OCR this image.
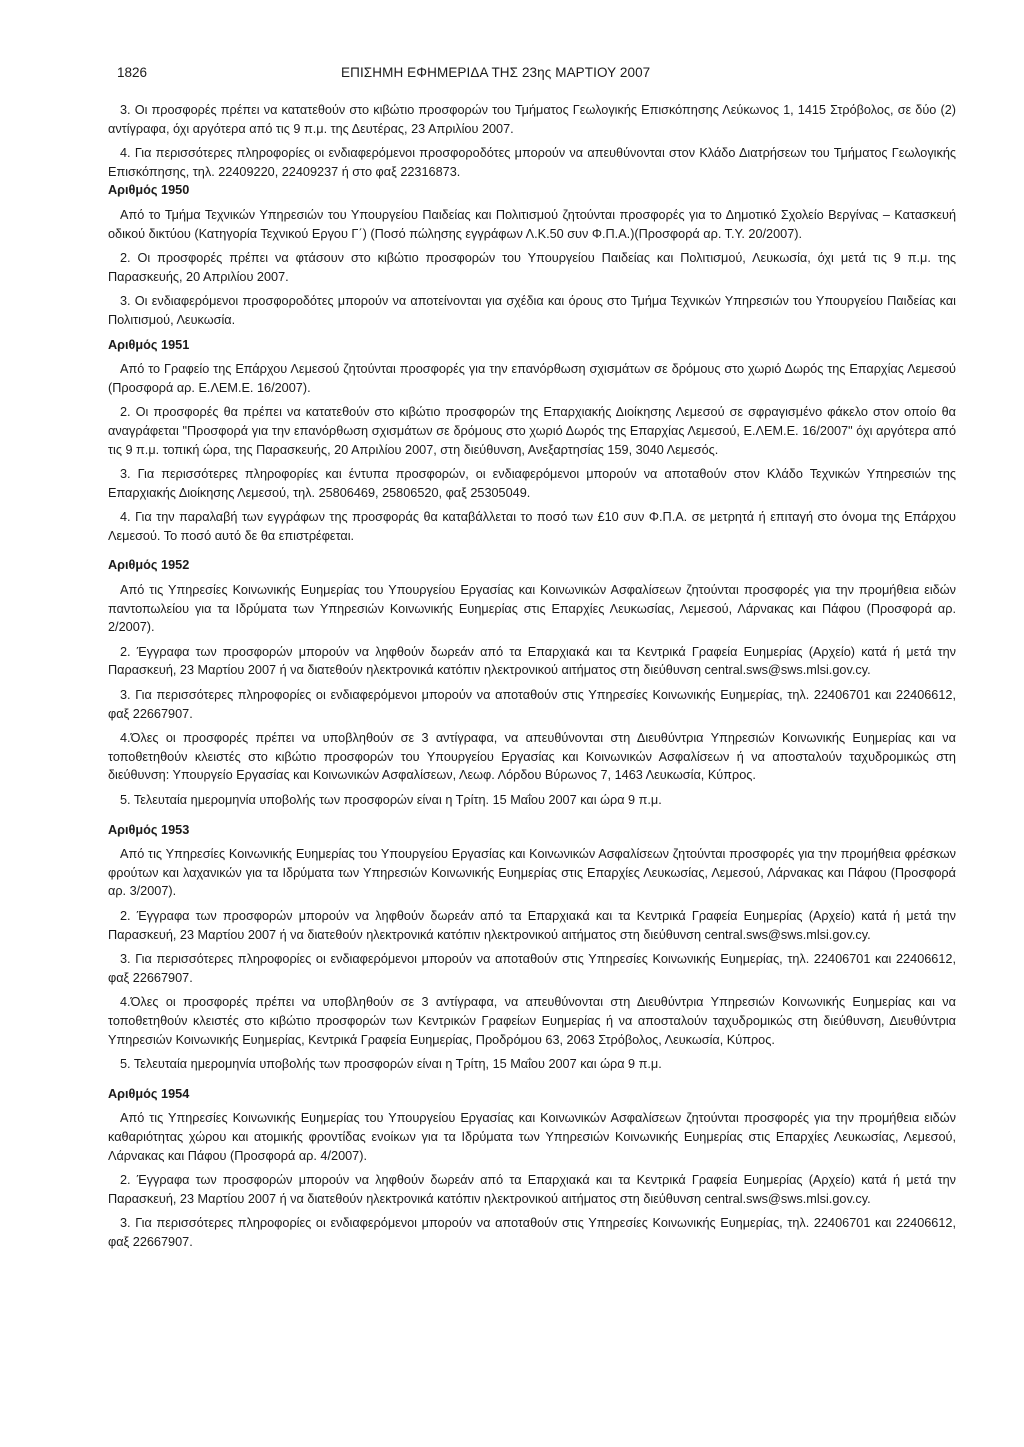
1826	ΕΠΙΣΗΜΗ ΕΦΗΜΕΡΙΔΑ ΤΗΣ 23ης ΜΑΡΤΙΟΥ 2007

3. Οι προσφορές πρέπει να κατατεθούν στο κιβώτιο προσφορών του Τμήματος Γεωλογικής Επισκόπησης Λεύκωνος 1, 1415 Στρόβολος, σε δύο (2) αντίγραφα, όχι αργότερα από τις 9 π.μ. της Δευτέρας, 23 Απριλίου 2007.

4. Για περισσότερες πληροφορίες οι ενδιαφερόμενοι προσφοροδότες μπορούν να απευθύνονται στον Κλάδο Διατρήσεων του Τμήματος Γεωλογικής Επισκόπησης, τηλ. 22409220, 22409237 ή στο φαξ 22316873.

Αριθμός 1950

Από το Τμήμα Τεχνικών Υπηρεσιών του Υπουργείου Παιδείας και Πολιτισμού ζητούνται προσφορές για το Δημοτικό Σχολείο Βεργίνας – Κατασκευή οδικού δικτύου (Κατηγορία Τεχνικού Εργου Γ΄) (Ποσό πώλησης εγγράφων Λ.Κ.50 συν Φ.Π.Α.)(Προσφορά αρ. Τ.Υ. 20/2007).

2. Οι προσφορές πρέπει να φτάσουν στο κιβώτιο προσφορών του Υπουργείου Παιδείας και Πολιτισμού, Λευκωσία, όχι μετά τις 9 π.μ. της Παρασκευής, 20 Απριλίου 2007.

3. Οι ενδιαφερόμενοι προσφοροδότες μπορούν να αποτείνονται για σχέδια και όρους στο Τμήμα Τεχνικών Υπηρεσιών του Υπουργείου Παιδείας και Πολιτισμού, Λευκωσία.

Αριθμός 1951

Από το Γραφείο της Επάρχου Λεμεσού ζητούνται προσφορές για την επανόρθωση σχισμάτων σε δρόμους στο χωριό Δωρός της Επαρχίας Λεμεσού (Προσφορά αρ. Ε.ΛΕΜ.Ε. 16/2007).

2. Οι προσφορές θα πρέπει να κατατεθούν στο κιβώτιο προσφορών της Επαρχιακής Διοίκησης Λεμεσού σε σφραγισμένο φάκελο στον οποίο θα αναγράφεται "Προσφορά για την επανόρθωση σχισμάτων σε δρόμους στο χωριό Δωρός της Επαρχίας Λεμεσού, Ε.ΛΕΜ.Ε. 16/2007" όχι αργότερα από τις 9 π.μ. τοπική ώρα, της Παρασκευής, 20 Απριλίου 2007, στη διεύθυνση, Ανεξαρτησίας 159, 3040 Λεμεσός.

3. Για περισσότερες πληροφορίες και έντυπα προσφορών, οι ενδιαφερόμενοι μπορούν να αποταθούν στον Κλάδο Τεχνικών Υπηρεσιών της Επαρχιακής Διοίκησης Λεμεσού, τηλ. 25806469, 25806520, φαξ 25305049.

4. Για την παραλαβή των εγγράφων της προσφοράς θα καταβάλλεται το ποσό των £10 συν Φ.Π.Α. σε μετρητά ή επιταγή στο όνομα της Επάρχου Λεμεσού. Το ποσό αυτό δε θα επιστρέφεται.

Αριθμός 1952

Από τις Υπηρεσίες Κοινωνικής Ευημερίας του Υπουργείου Εργασίας και Κοινωνικών Ασφαλίσεων ζητούνται προσφορές για την προμήθεια ειδών παντοπωλείου για τα Ιδρύματα των Υπηρεσιών Κοινωνικής Ευημερίας στις Επαρχίες Λευκωσίας, Λεμεσού, Λάρνακας και Πάφου (Προσφορά αρ. 2/2007).

2. Έγγραφα των προσφορών μπορούν να ληφθούν δωρεάν από τα Επαρχιακά και τα Κεντρικά Γραφεία Ευημερίας (Αρχείο) κατά ή μετά την Παρασκευή, 23 Μαρτίου 2007 ή να διατεθούν ηλεκτρονικά κατόπιν ηλεκτρονικού αιτήματος στη διεύθυνση central.sws@sws.mlsi.gov.cy.

3. Για περισσότερες πληροφορίες οι ενδιαφερόμενοι μπορούν να αποταθούν στις Υπηρεσίες Κοινωνικής Ευημερίας, τηλ. 22406701 και 22406612, φαξ 22667907.

4.Όλες οι προσφορές πρέπει να υποβληθούν σε 3 αντίγραφα, να απευθύνονται στη Διευθύντρια Υπηρεσιών Κοινωνικής Ευημερίας και να τοποθετηθούν κλειστές στο κιβώτιο προσφορών του Υπουργείου Εργασίας και Κοινωνικών Ασφαλίσεων ή να αποσταλούν ταχυδρομικώς στη διεύθυνση: Υπουργείο Εργασίας και Κοινωνικών Ασφαλίσεων, Λεωφ. Λόρδου Βύρωνος 7, 1463 Λευκωσία, Κύπρος.

5. Τελευταία ημερομηνία υποβολής των προσφορών είναι η Τρίτη. 15 Μαΐου 2007 και ώρα 9 π.μ.

Αριθμός 1953

Από τις Υπηρεσίες Κοινωνικής Ευημερίας του Υπουργείου Εργασίας και Κοινωνικών Ασφαλίσεων ζητούνται προσφορές για την προμήθεια φρέσκων φρούτων και λαχανικών για τα Ιδρύματα των Υπηρεσιών Κοινωνικής Ευημερίας στις Επαρχίες Λευκωσίας, Λεμεσού, Λάρνακας και Πάφου (Προσφορά αρ. 3/2007).

2. Έγγραφα των προσφορών μπορούν να ληφθούν δωρεάν από τα Επαρχιακά και τα Κεντρικά Γραφεία Ευημερίας (Αρχείο) κατά ή μετά την Παρασκευή, 23 Μαρτίου 2007 ή να διατεθούν ηλεκτρονικά κατόπιν ηλεκτρονικού αιτήματος στη διεύθυνση central.sws@sws.mlsi.gov.cy.

3. Για περισσότερες πληροφορίες οι ενδιαφερόμενοι μπορούν να αποταθούν στις Υπηρεσίες Κοινωνικής Ευημερίας, τηλ. 22406701 και 22406612, φαξ 22667907.

4.Όλες οι προσφορές πρέπει να υποβληθούν σε 3 αντίγραφα, να απευθύνονται στη Διευθύντρια Υπηρεσιών Κοινωνικής Ευημερίας και να τοποθετηθούν κλειστές στο κιβώτιο προσφορών των Κεντρικών Γραφείων Ευημερίας ή να αποσταλούν ταχυδρομικώς στη διεύθυνση, Διευθύντρια Υπηρεσιών Κοινωνικής Ευημερίας, Κεντρικά Γραφεία Ευημερίας, Προδρόμου 63, 2063 Στρόβολος, Λευκωσία, Κύπρος.

5. Τελευταία ημερομηνία υποβολής των προσφορών είναι η Τρίτη, 15 Μαΐου 2007 και ώρα 9 π.μ.

Αριθμός 1954

Από τις Υπηρεσίες Κοινωνικής Ευημερίας του Υπουργείου Εργασίας και Κοινωνικών Ασφαλίσεων ζητούνται προσφορές για την προμήθεια ειδών καθαριότητας χώρου και ατομικής φροντίδας ενοίκων για τα Ιδρύματα των Υπηρεσιών Κοινωνικής Ευημερίας στις Επαρχίες Λευκωσίας, Λεμεσού, Λάρνακας και Πάφου (Προσφορά αρ. 4/2007).

2. Έγγραφα των προσφορών μπορούν να ληφθούν δωρεάν από τα Επαρχιακά και τα Κεντρικά Γραφεία Ευημερίας (Αρχείο) κατά ή μετά την Παρασκευή, 23 Μαρτίου 2007 ή να διατεθούν ηλεκτρονικά κατόπιν ηλεκτρονικού αιτήματος στη διεύθυνση central.sws@sws.mlsi.gov.cy.

3. Για περισσότερες πληροφορίες οι ενδιαφερόμενοι μπορούν να αποταθούν στις Υπηρεσίες Κοινωνικής Ευημερίας, τηλ. 22406701 και 22406612, φαξ 22667907.
